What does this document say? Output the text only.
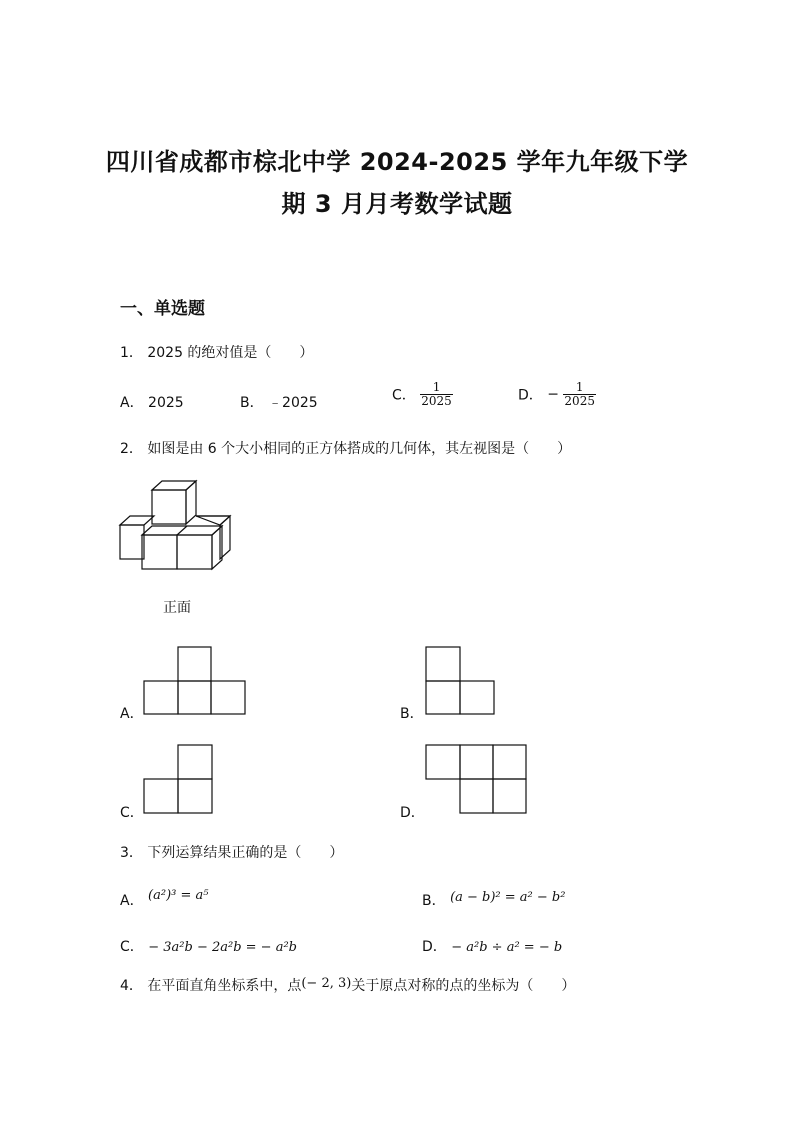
四川省成都市棕北中学 2024-2025 学年九年级下学
期 3 月月考数学试题
一、单选题
1． 2025 的绝对值是（　　）
A． 2025	B． ﹣2025	C． $\frac{1}{2025}$	D． − $\frac{1}{2025}$
2． 如图是由 6 个大小相同的正方体搭成的几何体，其左视图是（　　）
正面
A．	B．
C．	D．
3． 下列运算结果正确的是（　　）
A． (a²)³ = a⁵	B． (a − b)² = a² − b²
C． − 3a²b − 2a²b = − a²b	D． − a²b ÷ a² = − b
4． 在平面直角坐标系中，点(− 2, 3)关于原点对称的点的坐标为（　　）
